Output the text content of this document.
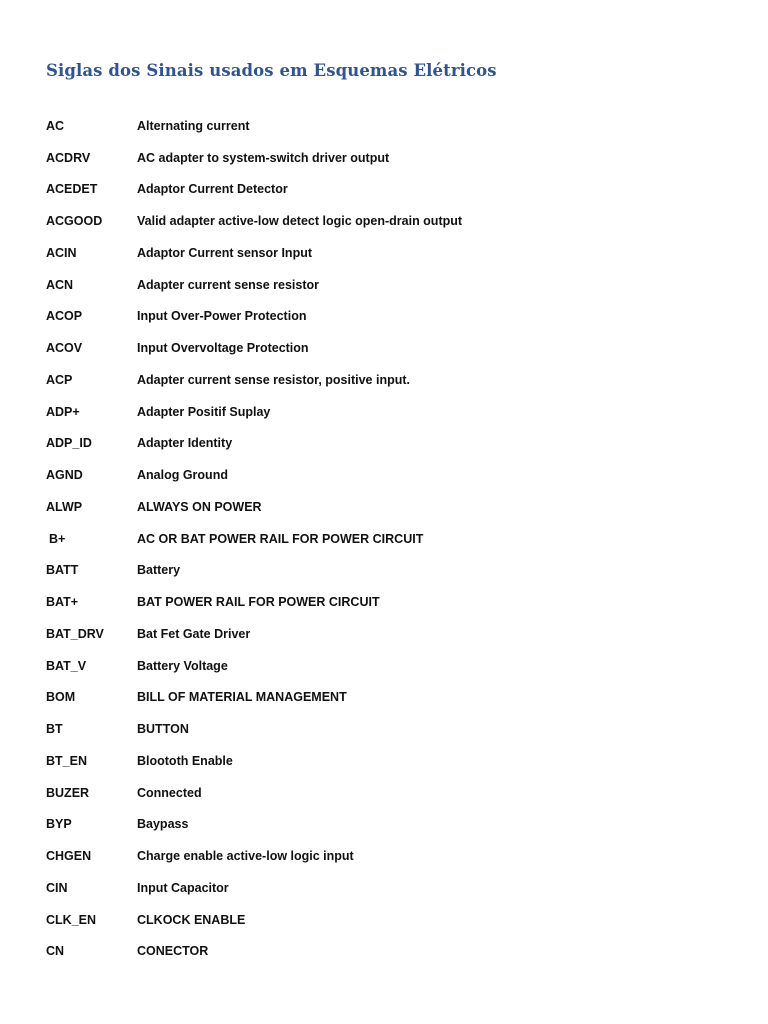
Siglas dos Sinais usados em Esquemas Elétricos
AC	Alternating current
ACDRV	AC adapter to system-switch driver output
ACEDET	Adaptor Current Detector
ACGOOD	Valid adapter active-low detect logic open-drain output
ACIN	Adaptor Current sensor Input
ACN	Adapter current sense resistor
ACOP	Input Over-Power Protection
ACOV	Input Overvoltage Protection
ACP	Adapter current sense resistor, positive input.
ADP+	Adapter Positif Suplay
ADP_ID	Adapter Identity
AGND	Analog Ground
ALWP	ALWAYS ON POWER
B+	AC OR BAT POWER RAIL FOR POWER CIRCUIT
BATT	Battery
BAT+	BAT POWER RAIL FOR POWER CIRCUIT
BAT_DRV	Bat Fet Gate Driver
BAT_V	Battery Voltage
BOM	BILL OF MATERIAL MANAGEMENT
BT	BUTTON
BT_EN	Bloototh Enable
BUZER	Connected
BYP	Baypass
CHGEN	Charge enable active-low logic input
CIN	Input Capacitor
CLK_EN	CLKOCK ENABLE
CN	CONECTOR
